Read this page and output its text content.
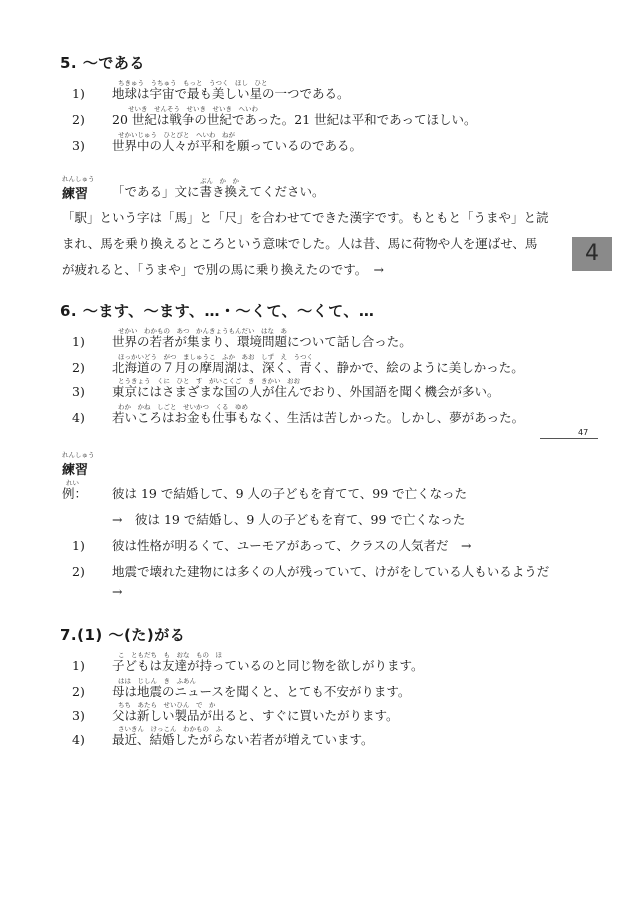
5. ～である
ちきゅう　うちゅう　もっと　うつく　ほし　ひと
1) 地球は宇宙で最も美しい星の一つである。
せいき　せんそう　せいき　せいき　へいわ
2) 20 世紀は戦争の世紀であった。21 世紀は平和であってほしい。
せかいじゅう　ひとびと　へいわ　ねが
3) 世界中の人々が平和を願っているのである。
れんしゅう	ぶん　か　か
練習 「である」文に書き換えてください。
「駅」という字は「馬」と「尺」を合わせてできた漢字です。もともと「うまや」と読
まれ、馬を乗り換えるところという意味でした。人は昔、馬に荷物や人を運ばせ、馬
が疲れると、「うまや」で別の馬に乗り換えたのです。　→
4
6. ～ます、～ます、…・～くて、～くて、…
せかい　わかもの　あつ　かんきょうもんだい　はな　あ
1) 世界の若者が集まり、環境問題について話し合った。
ほっかいどう　がつ　ましゅうこ　ふか　あお　しず　え　うつく
2) 北海道の７月の摩周湖は、深く、青く、静かで、絵のように美しかった。
とうきょう　くに　ひと　す　がいこくご　き　きかい　おお
3) 東京にはさまざまな国の人が住んでおり、外国語を聞く機会が多い。
わか　かね　しごと　せいかつ　くる　ゆめ
4) 若いころはお金も仕事もなく、生活は苦しかった。しかし、夢があった。
47
れんしゅう
練習
れい
例： 彼は 19 で結婚して、9 人の子どもを育てて、99 で亡くなった
→　彼は 19 で結婚し、9 人の子どもを育て、99 で亡くなった
1) 彼は性格が明るくて、ユーモアがあって、クラスの人気者だ　→
2) 地震で壊れた建物には多くの人が残っていて、けがをしている人もいるようだ
→
7.(1) ～(た)がる
こ　ともだち　も　おな　もの　ほ
1) 子どもは友達が持っているのと同じ物を欲しがります。
はは　じしん　き　ふあん
2) 母は地震のニュースを聞くと、とても不安がります。
ちち　あたら　せいひん　で　か
3) 父は新しい製品が出ると、すぐに買いたがります。
さいきん　けっこん　わかもの　ふ
4) 最近、結婚したがらない若者が増えています。
